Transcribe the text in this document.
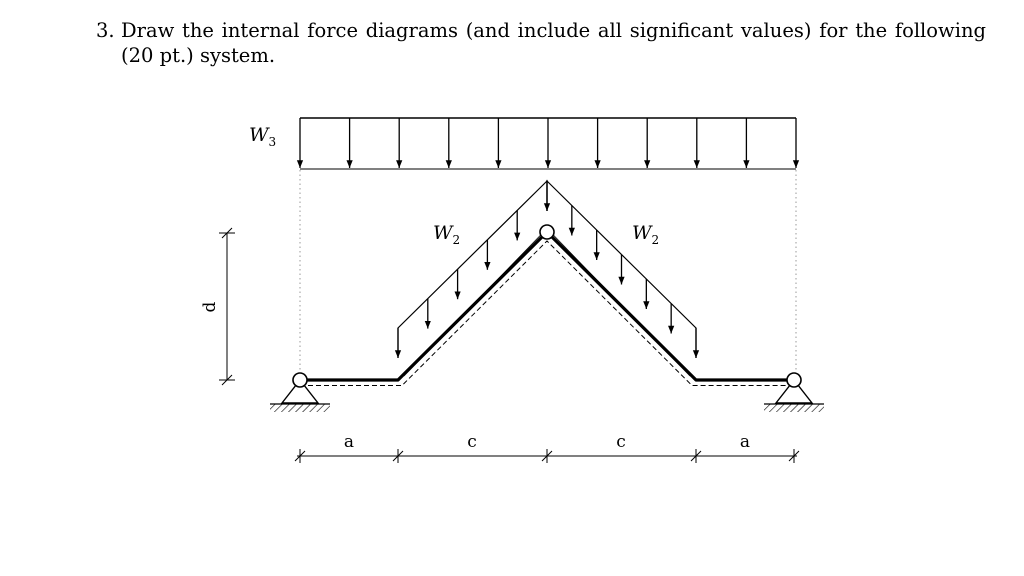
3. Draw the internal force diagrams (and include all significant values) for the following (20 pt.) system.
d
a	c	c	a
$W_3$
$W_2$	$W_2$
